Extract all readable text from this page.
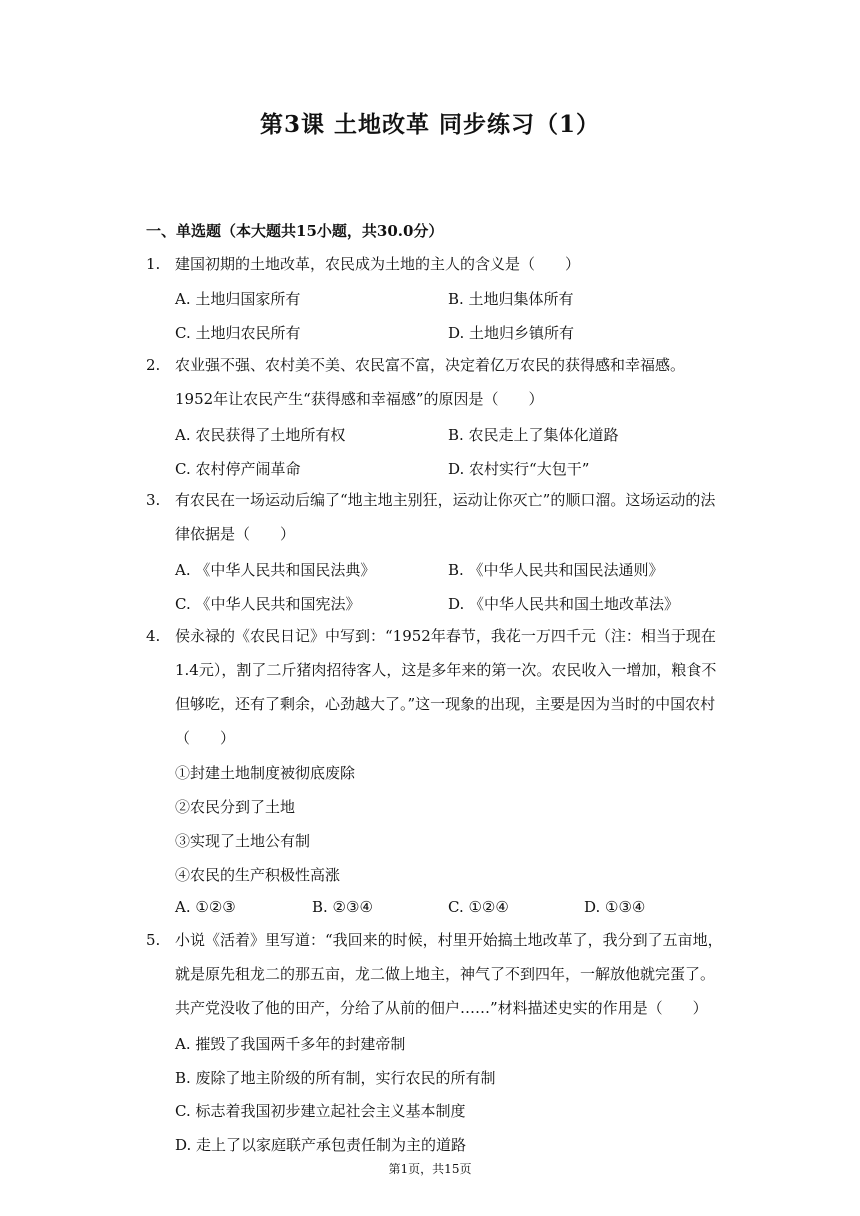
第3课 土地改革 同步练习（1）
一、单选题（本大题共15小题，共30.0分）
1. 建国初期的土地改革，农民成为土地的主人的含义是（　　）
A. 土地归国家所有	B. 土地归集体所有
C. 土地归农民所有	D. 土地归乡镇所有
2. 农业强不强、农村美不美、农民富不富，决定着亿万农民的获得感和幸福感。1952年让农民产生“获得感和幸福感”的原因是（　　）
A. 农民获得了土地所有权	B. 农民走上了集体化道路
C. 农村停产闹革命	D. 农村实行“大包干”
3. 有农民在一场运动后编了“地主地主别狂，运动让你灭亡”的顺口溜。这场运动的法律依据是（　　）
A. 《中华人民共和国民法典》	B. 《中华人民共和国民法通则》
C. 《中华人民共和国宪法》	D. 《中华人民共和国土地改革法》
4. 侯永禄的《农民日记》中写到：“1952年春节，我花一万四千元（注：相当于现在1.4元），割了二斤猪肉招待客人，这是多年来的第一次。农民收入一增加，粮食不但够吃，还有了剩余，心劲越大了。”这一现象的出现，主要是因为当时的中国农村（　　）
①封建土地制度被彻底废除
②农民分到了土地
③实现了土地公有制
④农民的生产积极性高涨
A. ①②③	B. ②③④	C. ①②④	D. ①③④
5. 小说《活着》里写道：“我回来的时候，村里开始搞土地改革了，我分到了五亩地，就是原先租龙二的那五亩，龙二做上地主，神气了不到四年，一解放他就完蛋了。共产党没收了他的田产，分给了从前的佃户……”材料描述史实的作用是（　　）
A. 摧毁了我国两千多年的封建帝制
B. 废除了地主阶级的所有制，实行农民的所有制
C. 标志着我国初步建立起社会主义基本制度
D. 走上了以家庭联产承包责任制为主的道路
第1页，共15页
